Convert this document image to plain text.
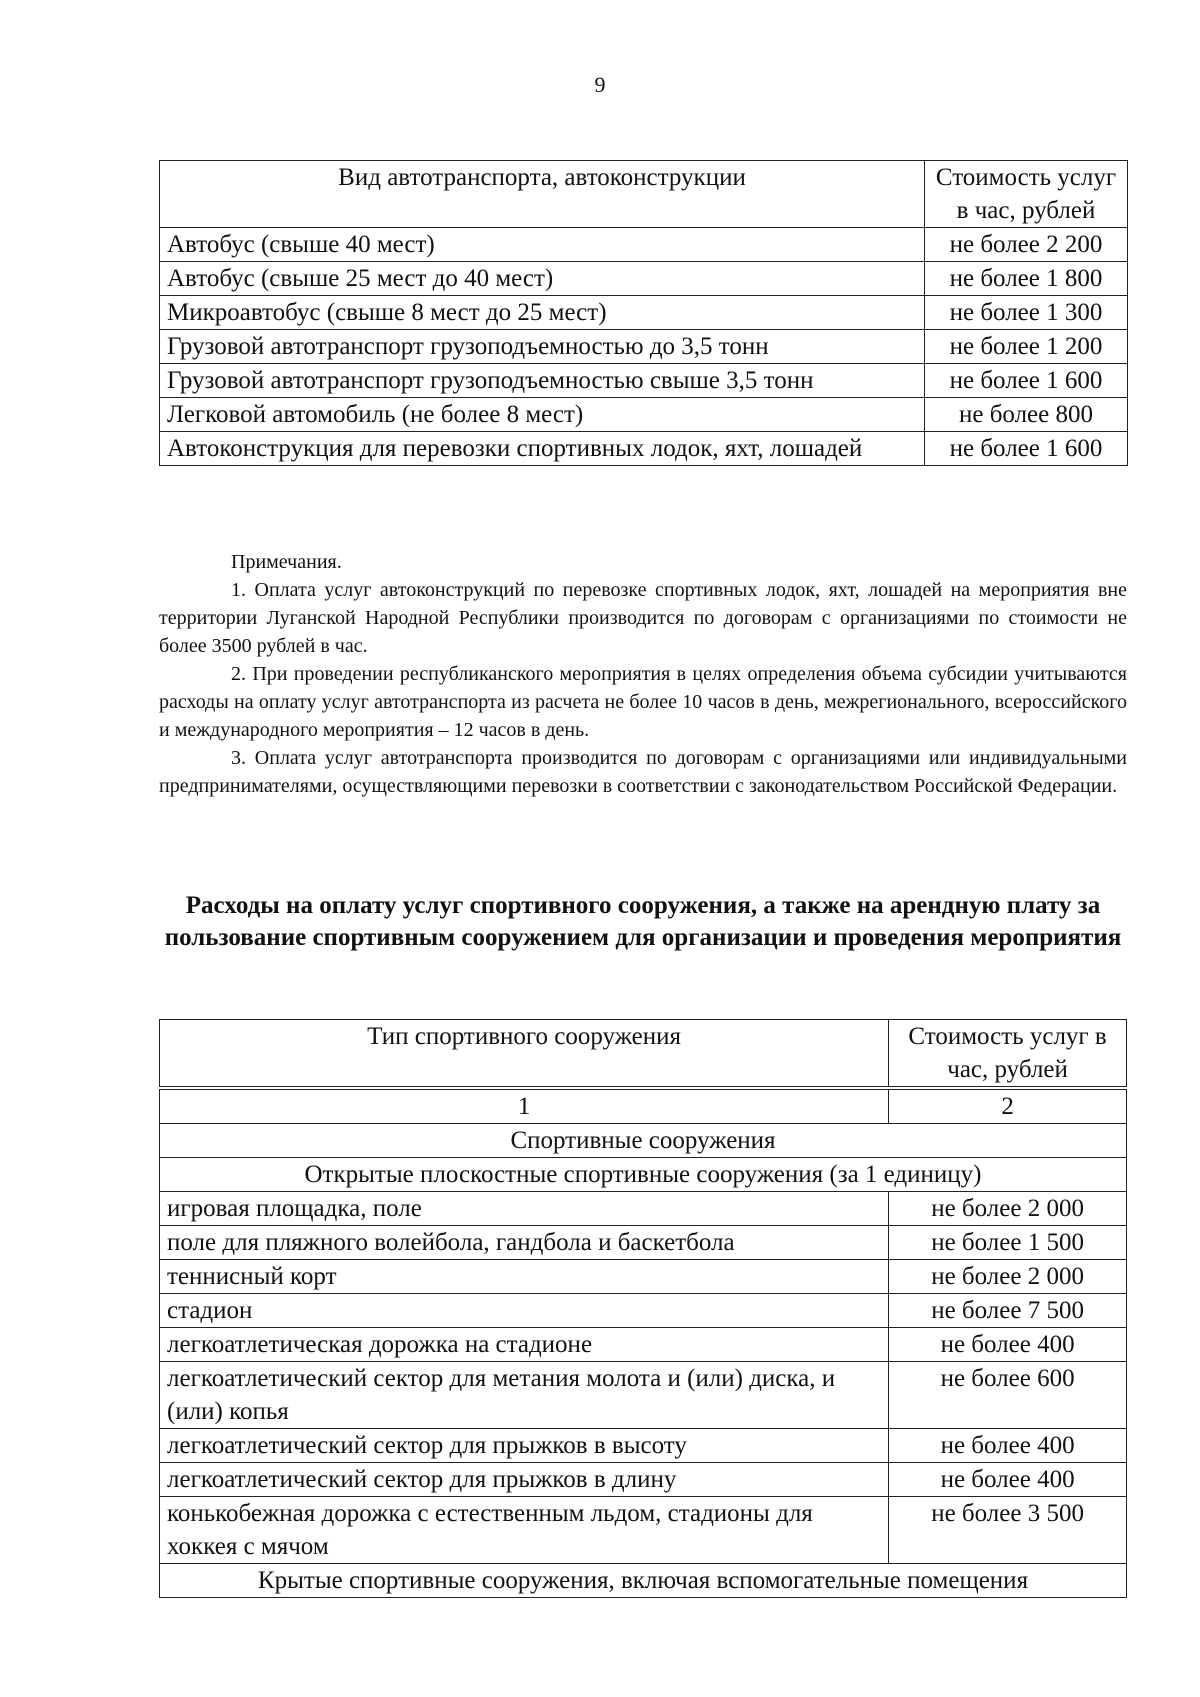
9
Вид автотранспорта, автоконструкции	Стоимость услуг в час, рублей
Автобус (свыше 40 мест)	не более 2 200
Автобус (свыше 25 мест до 40 мест)	не более 1 800
Микроавтобус (свыше 8 мест до 25 мест)	не более 1 300
Грузовой автотранспорт грузоподъемностью до 3,5 тонн	не более 1 200
Грузовой автотранспорт грузоподъемностью свыше 3,5 тонн	не более 1 600
Легковой автомобиль (не более 8 мест)	не более 800
Автоконструкция для перевозки спортивных лодок, яхт, лошадей	не более 1 600

Примечания.

1. Оплата услуг автоконструкций по перевозке спортивных лодок, яхт, лошадей на мероприятия вне территории Луганской Народной Республики производится по договорам с организациями по стоимости не более 3500 рублей в час.

2. При проведении республиканского мероприятия в целях определения объема субсидии учитываются расходы на оплату услуг автотранспорта из расчета не более 10 часов в день, межрегионального, всероссийского и международного мероприятия – 12 часов в день.

3. Оплата услуг автотранспорта производится по договорам с организациями или индивидуальными предпринимателями, осуществляющими перевозки в соответствии с законодательством Российской Федерации.

Расходы на оплату услуг спортивного сооружения, а также на арендную плату за пользование спортивным сооружением для организации и проведения мероприятия
Тип спортивного сооружения	Стоимость услуг в час, рублей
1	2
Спортивные сооружения	
Открытые плоскостные спортивные сооружения (за 1 единицу)	
игровая площадка, поле	не более 2 000
поле для пляжного волейбола, гандбола и баскетбола	не более 1 500
теннисный корт	не более 2 000
стадион	не более 7 500
легкоатлетическая дорожка на стадионе	не более 400
легкоатлетический сектор для метания молота и (или) диска, и (или) копья	не более 600
легкоатлетический сектор для прыжков в высоту	не более 400
легкоатлетический сектор для прыжков в длину	не более 400
конькобежная дорожка с естественным льдом, стадионы для хоккея с мячом	не более 3 500
Крытые спортивные сооружения, включая вспомогательные помещения	
